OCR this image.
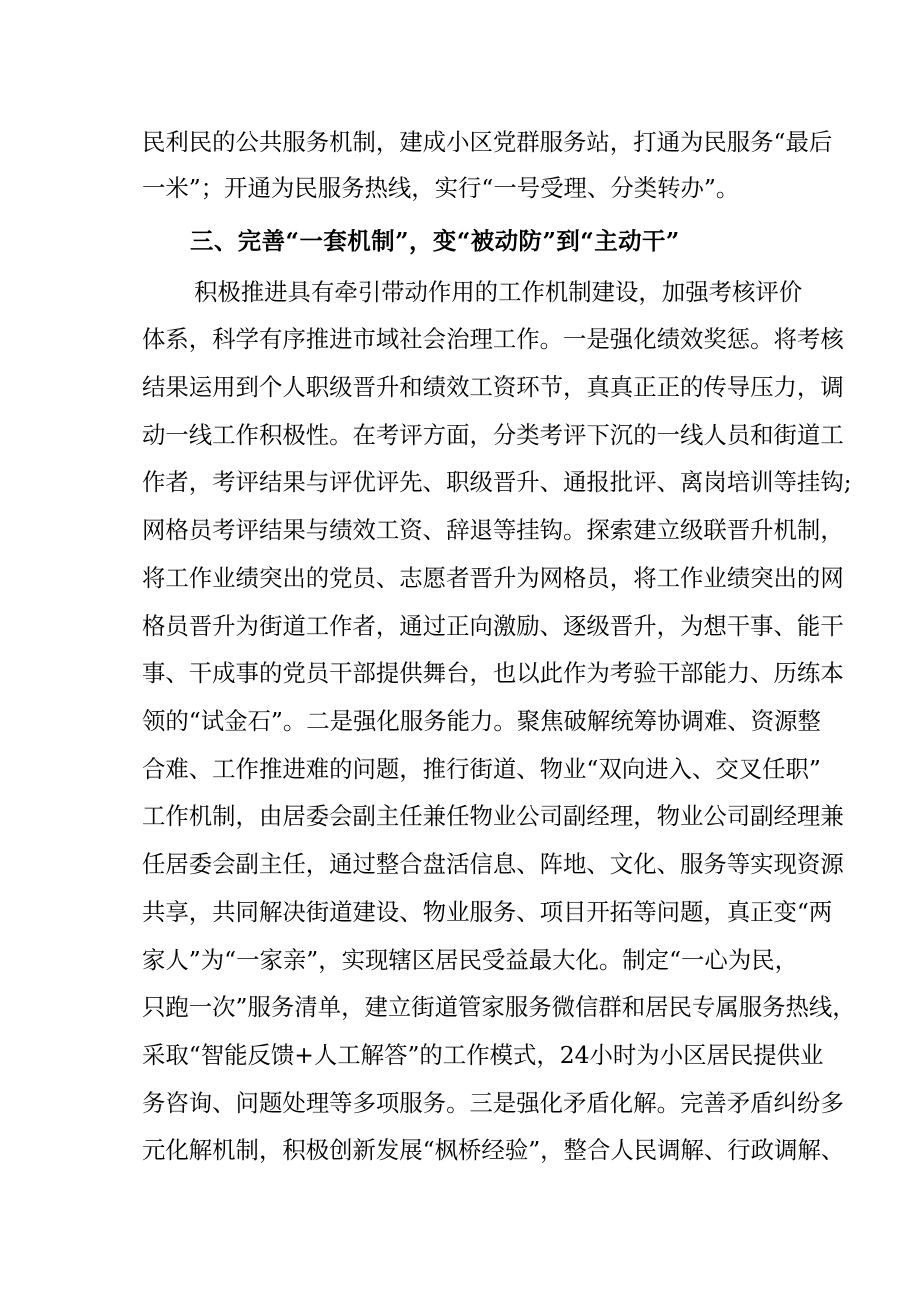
民利民的公共服务机制，建成小区党群服务站，打通为民服务“最后
一米”；开通为民服务热线，实行“一号受理、分类转办”。
三、完善“一套机制”，变“被动防”到“主动干”
积极推进具有牵引带动作用的工作机制建设，加强考核评价
体系，科学有序推进市域社会治理工作。一是强化绩效奖惩。将考核
结果运用到个人职级晋升和绩效工资环节，真真正正的传导压力，调
动一线工作积极性。在考评方面，分类考评下沉的一线人员和街道工
作者，考评结果与评优评先、职级晋升、通报批评、离岗培训等挂钩;
网格员考评结果与绩效工资、辞退等挂钩。探索建立级联晋升机制，
将工作业绩突出的党员、志愿者晋升为网格员，将工作业绩突出的网
格员晋升为街道工作者，通过正向激励、逐级晋升，为想干事、能干
事、干成事的党员干部提供舞台，也以此作为考验干部能力、历练本
领的“试金石”。二是强化服务能力。聚焦破解统筹协调难、资源整
合难、工作推进难的问题，推行街道、物业“双向进入、交叉任职”
工作机制，由居委会副主任兼任物业公司副经理，物业公司副经理兼
任居委会副主任，通过整合盘活信息、阵地、文化、服务等实现资源
共享，共同解决街道建设、物业服务、项目开拓等问题，真正变“两
家人”为“一家亲”，实现辖区居民受益最大化。制定“一心为民，
只跑一次”服务清单，建立街道管家服务微信群和居民专属服务热线，
采取“智能反馈+人工解答”的工作模式，24小时为小区居民提供业
务咨询、问题处理等多项服务。三是强化矛盾化解。完善矛盾纠纷多
元化解机制，积极创新发展“枫桥经验”，整合人民调解、行政调解、
